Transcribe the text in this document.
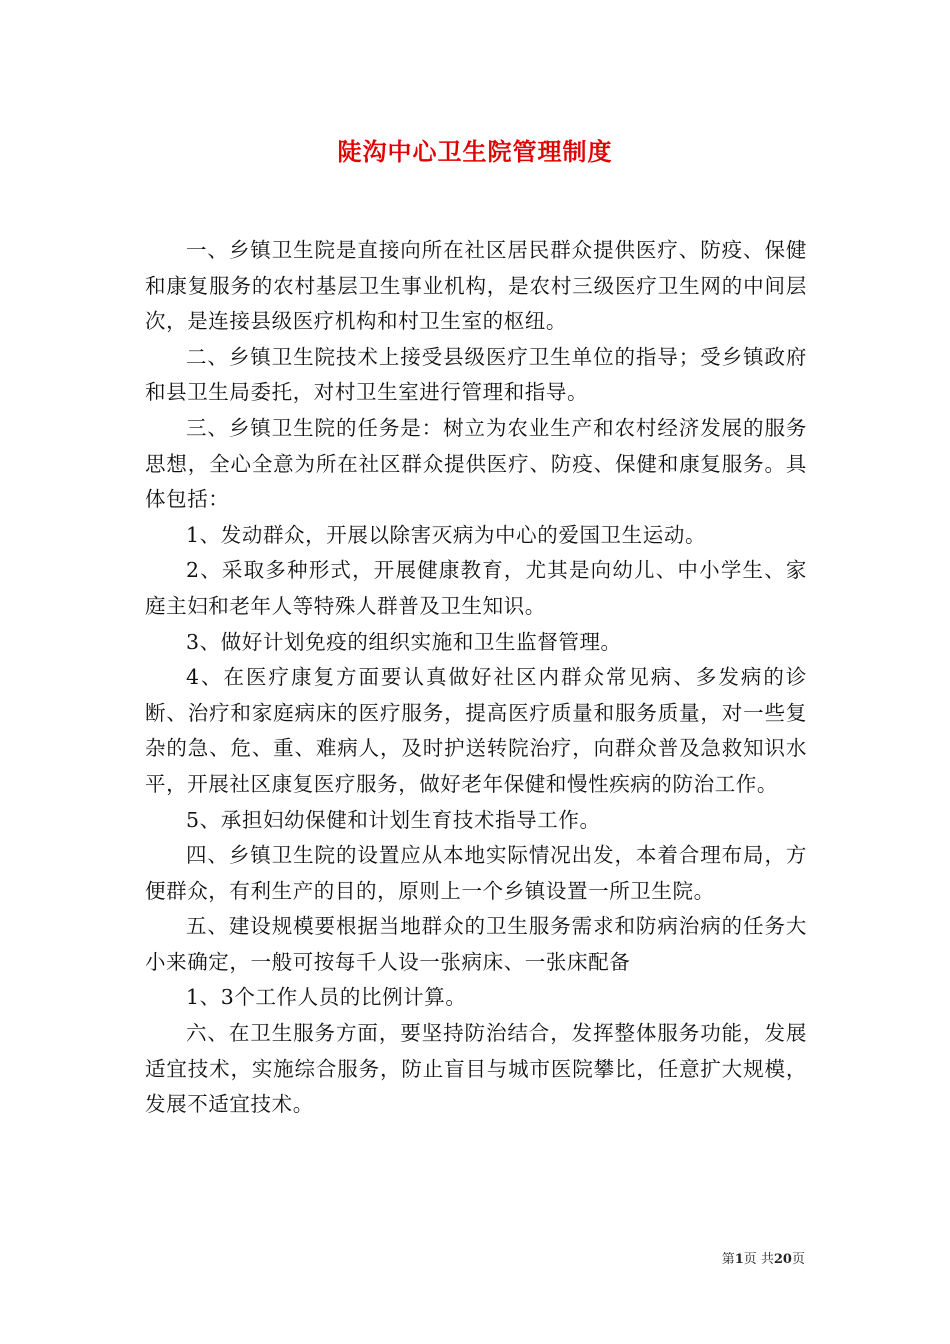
陡沟中心卫生院管理制度

一、乡镇卫生院是直接向所在社区居民群众提供医疗、防疫、保健和康复服务的农村基层卫生事业机构，是农村三级医疗卫生网的中间层次，是连接县级医疗机构和村卫生室的枢纽。

二、乡镇卫生院技术上接受县级医疗卫生单位的指导；受乡镇政府和县卫生局委托，对村卫生室进行管理和指导。

三、乡镇卫生院的任务是：树立为农业生产和农村经济发展的服务思想，全心全意为所在社区群众提供医疗、防疫、保健和康复服务。具体包括：

1、发动群众，开展以除害灭病为中心的爱国卫生运动。

2、采取多种形式，开展健康教育，尤其是向幼儿、中小学生、家庭主妇和老年人等特殊人群普及卫生知识。

3、做好计划免疫的组织实施和卫生监督管理。

4、在医疗康复方面要认真做好社区内群众常见病、多发病的诊断、治疗和家庭病床的医疗服务，提高医疗质量和服务质量，对一些复杂的急、危、重、难病人，及时护送转院治疗，向群众普及急救知识水平，开展社区康复医疗服务，做好老年保健和慢性疾病的防治工作。

5、承担妇幼保健和计划生育技术指导工作。

四、乡镇卫生院的设置应从本地实际情况出发，本着合理布局，方便群众，有利生产的目的，原则上一个乡镇设置一所卫生院。

五、建设规模要根据当地群众的卫生服务需求和防病治病的任务大小来确定，一般可按每千人设一张病床、一张床配备

1、3个工作人员的比例计算。

六、在卫生服务方面，要坚持防治结合，发挥整体服务功能，发展适宜技术，实施综合服务，防止盲目与城市医院攀比，任意扩大规模，发展不适宜技术。

第1页 共20页
